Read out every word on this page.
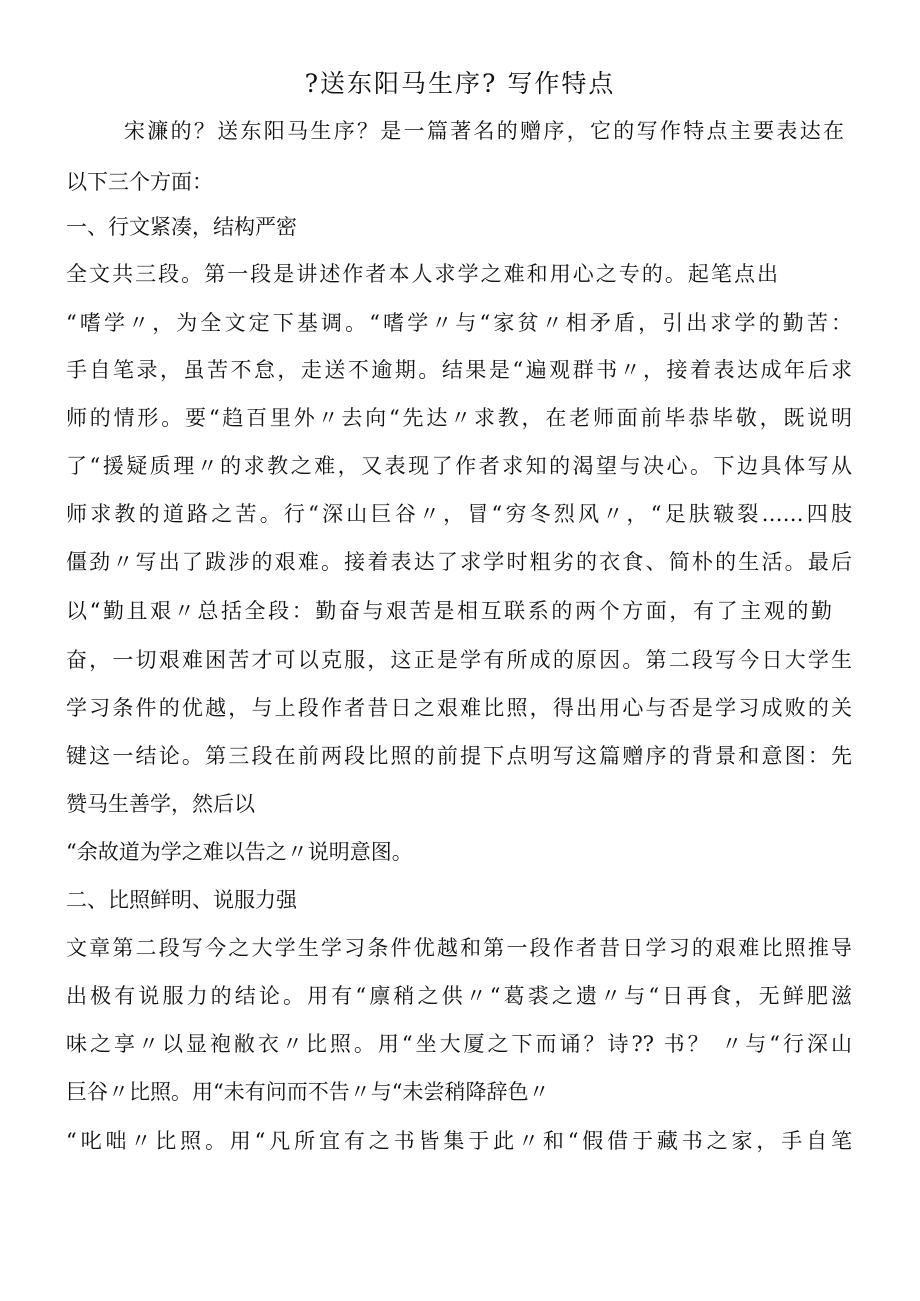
?送东阳马生序? 写作特点
宋濂的？送东阳马生序？是一篇著名的赠序，它的写作特点主要表达在
以下三个方面：
一、行文紧凑，结构严密
全文共三段。第一段是讲述作者本人求学之难和用心之专的。起笔点出
“嗜学〃，为全文定下基调。“嗜学〃与“家贫〃相矛盾，引出求学的勤苦：
手自笔录，虽苦不怠，走送不逾期。结果是“遍观群书〃，接着表达成年后求
师的情形。要“趋百里外〃去向“先达〃求教，在老师面前毕恭毕敬，既说明
了“援疑质理〃的求教之难，又表现了作者求知的渴望与决心。下边具体写从
师求教的道路之苦。行“深山巨谷〃，冒“穷冬烈风〃，“足肤皲裂……四肢
僵劲〃写出了跋涉的艰难。接着表达了求学时粗劣的衣食、简朴的生活。最后
以“勤且艰〃总括全段：勤奋与艰苦是相互联系的两个方面，有了主观的勤
奋，一切艰难困苦才可以克服，这正是学有所成的原因。第二段写今日大学生
学习条件的优越，与上段作者昔日之艰难比照，得出用心与否是学习成败的关
键这一结论。第三段在前两段比照的前提下点明写这篇赠序的背景和意图：先
赞马生善学，然后以
“余故道为学之难以告之〃说明意图。
二、比照鲜明、说服力强
文章第二段写今之大学生学习条件优越和第一段作者昔日学习的艰难比照推导
出极有说服力的结论。用有“廪稍之供〃“葛裘之遗〃与“日再食，无鲜肥滋
味之享〃以显袍敝衣〃比照。用“坐大厦之下而诵？诗?? 书？ 〃与“行深山
巨谷〃比照。用“未有问而不告〃与“未尝稍降辞色〃
“叱咄〃比照。用“凡所宜有之书皆集于此〃和“假借于藏书之家，手自笔
